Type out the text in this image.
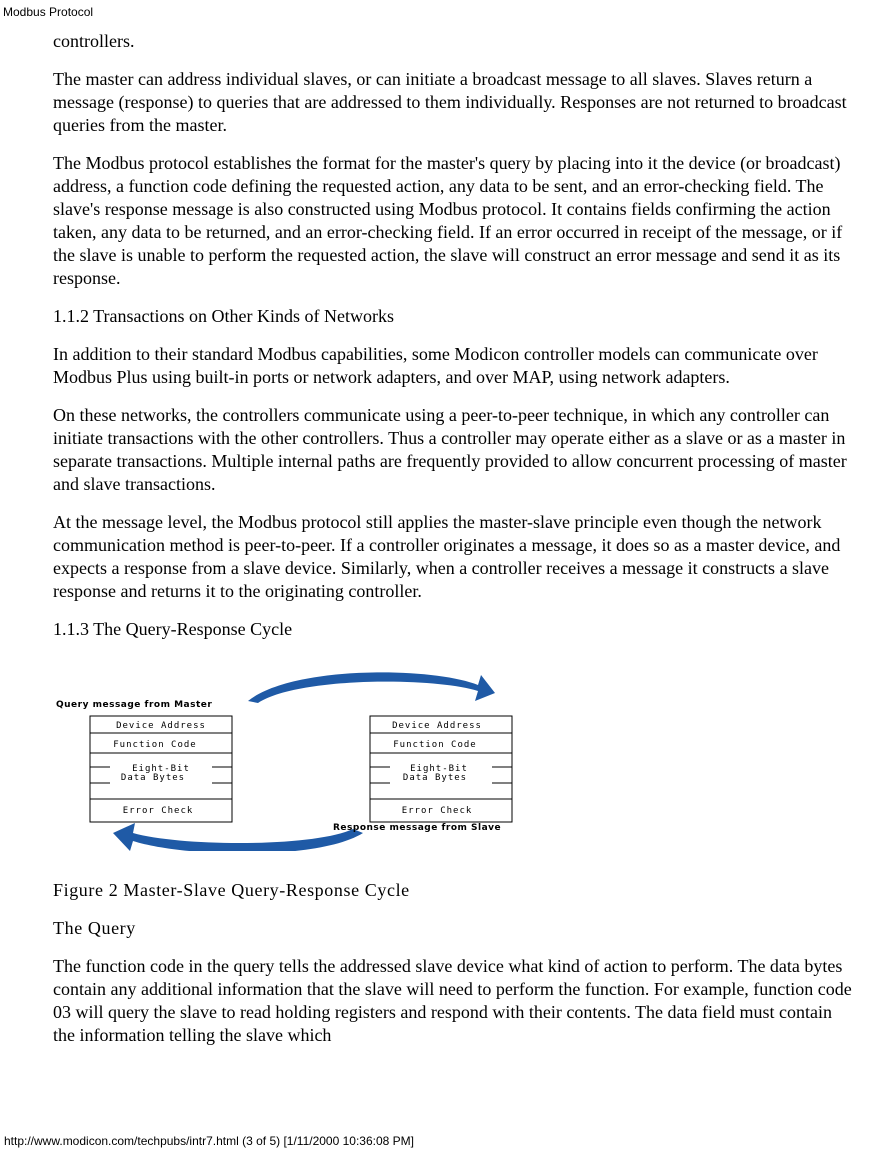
Modbus Protocol

controllers.

The master can address individual slaves, or can initiate a broadcast message to all slaves. Slaves return a message (response) to queries that are addressed to them individually. Responses are not returned to broadcast queries from the master.

The Modbus protocol establishes the format for the master's query by placing into it the device (or broadcast) address, a function code defining the requested action, any data to be sent, and an error-checking field. The slave's response message is also constructed using Modbus protocol. It contains fields confirming the action taken, any data to be returned, and an error-checking field. If an error occurred in receipt of the message, or if the slave is unable to perform the requested action, the slave will construct an error message and send it as its response.

1.1.2 Transactions on Other Kinds of Networks

In addition to their standard Modbus capabilities, some Modicon controller models can communicate over Modbus Plus using built-in ports or network adapters, and over MAP, using network adapters.

On these networks, the controllers communicate using a peer-to-peer technique, in which any controller can initiate transactions with the other controllers. Thus a controller may operate either as a slave or as a master in separate transactions. Multiple internal paths are frequently provided to allow concurrent processing of master and slave transactions.

At the message level, the Modbus protocol still applies the master-slave principle even though the network communication method is peer-to-peer. If a controller originates a message, it does so as a master device, and expects a response from a slave device. Similarly, when a controller receives a message it constructs a slave response and returns it to the originating controller.

1.1.3 The Query-Response Cycle

Query message from Master
Response message from Slave
Device Address
Function Code
Eight-Bit
Data Bytes
Error Check
Device Address
Function Code
Eight-Bit
Data Bytes
Error Check

Figure 2 Master-Slave Query-Response Cycle

The Query

The function code in the query tells the addressed slave device what kind of action to perform. The data bytes contain any additional information that the slave will need to perform the function. For example, function code 03 will query the slave to read holding registers and respond with their contents. The data field must contain the information telling the slave which

http://www.modicon.com/techpubs/intr7.html (3 of 5) [1/11/2000 10:36:08 PM]
